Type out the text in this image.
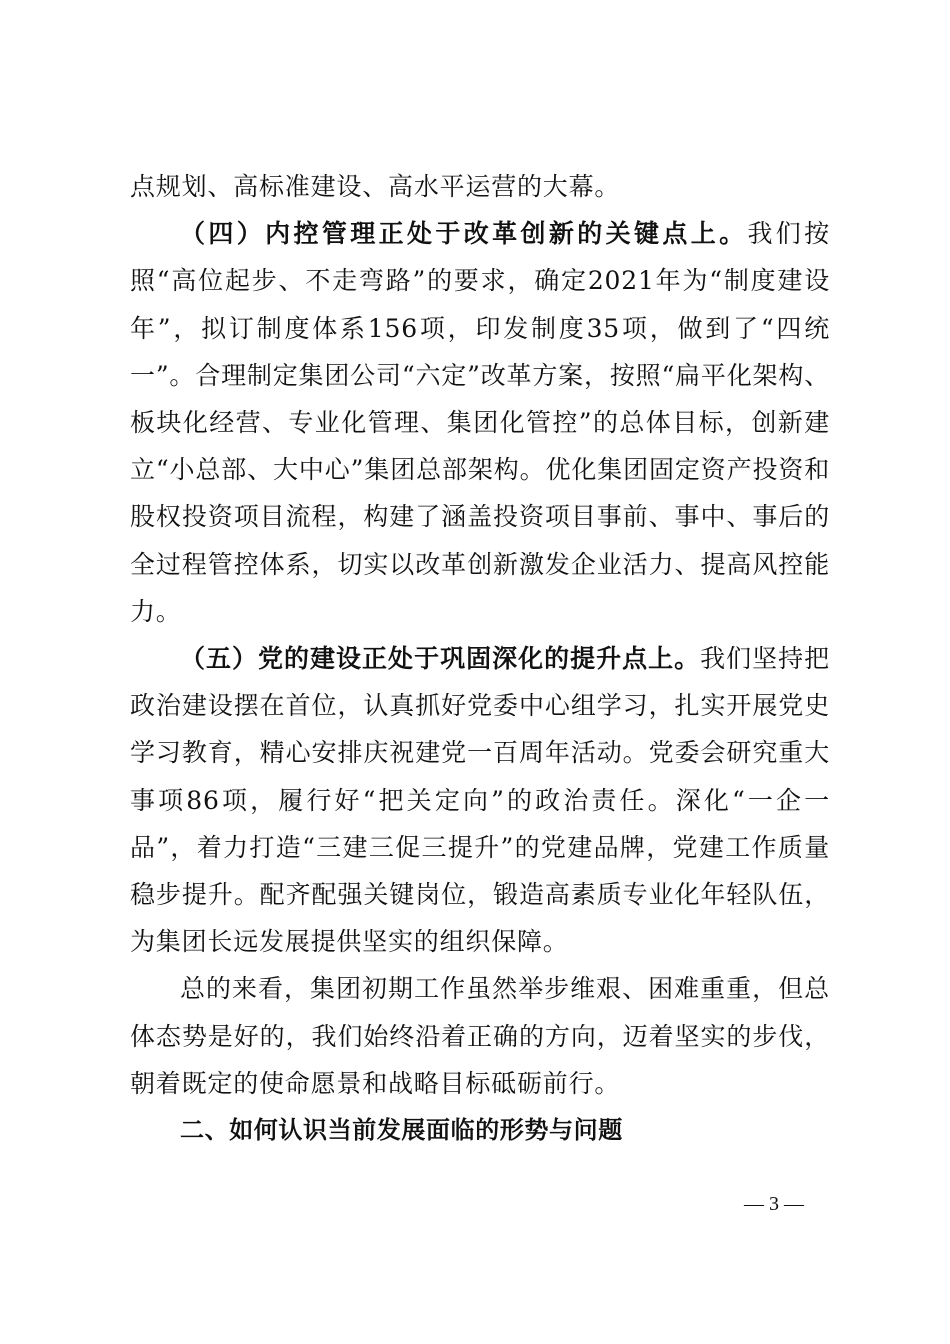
点规划、高标准建设、高水平运营的大幕。

（四）内控管理正处于改革创新的关键点上。我们按照“高位起步、不走弯路”的要求，确定2021年为“制度建设年”，拟订制度体系156项，印发制度35项，做到了“四统一”。合理制定集团公司“六定”改革方案，按照“扁平化架构、板块化经营、专业化管理、集团化管控”的总体目标，创新建立“小总部、大中心”集团总部架构。优化集团固定资产投资和股权投资项目流程，构建了涵盖投资项目事前、事中、事后的全过程管控体系，切实以改革创新激发企业活力、提高风控能力。

（五）党的建设正处于巩固深化的提升点上。我们坚持把政治建设摆在首位，认真抓好党委中心组学习，扎实开展党史学习教育，精心安排庆祝建党一百周年活动。党委会研究重大事项86项，履行好“把关定向”的政治责任。深化“一企一品”，着力打造“三建三促三提升”的党建品牌，党建工作质量稳步提升。配齐配强关键岗位，锻造高素质专业化年轻队伍，为集团长远发展提供坚实的组织保障。

总的来看，集团初期工作虽然举步维艰、困难重重，但总体态势是好的，我们始终沿着正确的方向，迈着坚实的步伐，朝着既定的使命愿景和战略目标砥砺前行。

二、如何认识当前发展面临的形势与问题
— 3 —
